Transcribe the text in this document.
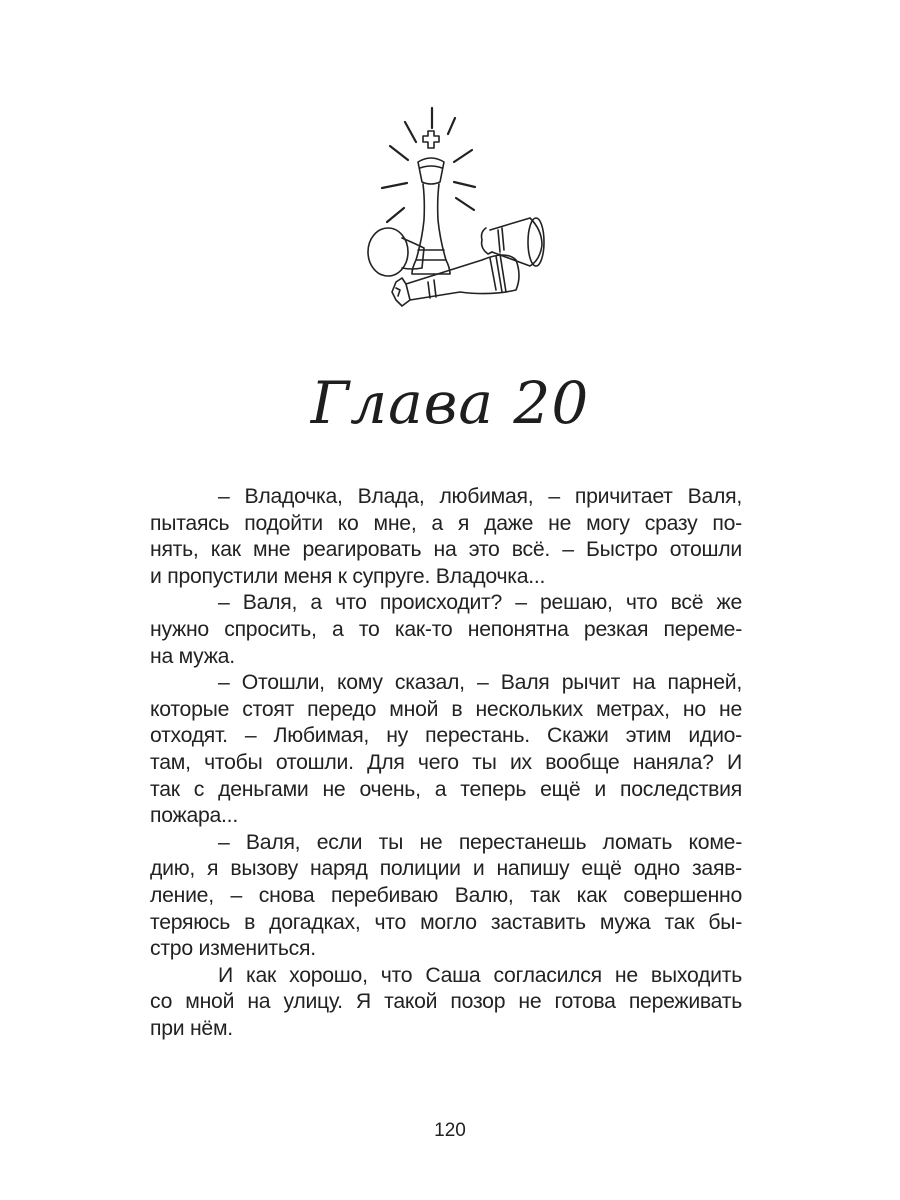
Глава 20
– Владочка, Влада, любимая, – причитает Валя,
пытаясь подойти ко мне, а я даже не могу сразу по-
нять, как мне реагировать на это всё. – Быстро отошли
и пропустили меня к супруге. Владочка...
– Валя, а что происходит? – решаю, что всё же
нужно спросить, а то как-то непонятна резкая переме-
на мужа.
– Отошли, кому сказал, – Валя рычит на парней,
которые стоят передо мной в нескольких метрах, но не
отходят. – Любимая, ну перестань. Скажи этим идио-
там, чтобы отошли. Для чего ты их вообще наняла? И
так с деньгами не очень, а теперь ещё и последствия
пожара...
– Валя, если ты не перестанешь ломать коме-
дию, я вызову наряд полиции и напишу ещё одно заяв-
ление, – снова перебиваю Валю, так как совершенно
теряюсь в догадках, что могло заставить мужа так бы-
стро измениться.
И как хорошо, что Саша согласился не выходить
со мной на улицу. Я такой позор не готова переживать
при нём.
120
